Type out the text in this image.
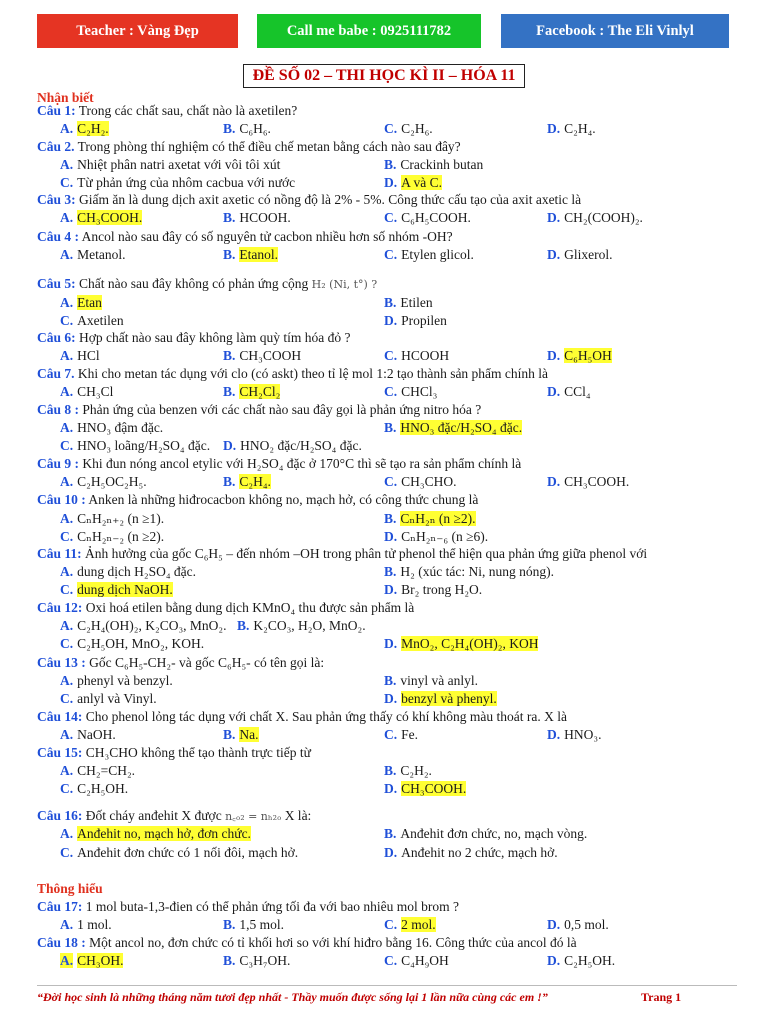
Teacher : Vàng Đẹp	Call me babe : 0925111782	Facebook : The Eli Vinlyl
ĐỀ SỐ 02 – THI HỌC KÌ II – HÓA 11
Nhận biết
Câu 1: Trong các chất sau, chất nào là axetilen?
A. C₂H₂.	B. C₆H₆.	C. C₂H₆.	D. C₂H₄.
Câu 2. Trong phòng thí nghiệm có thể điều chế metan bằng cách nào sau đây?
A. Nhiệt phân natri axetat với vôi tôi xút	B. Crackinh butan
C. Từ phản ứng của nhôm cacbua với nước	D. A và C.
Câu 3: Giấm ăn là dung dịch axit axetic có nồng độ là 2% - 5%. Công thức cấu tạo của axit axetic là
A. CH₃COOH.	B. HCOOH.	C. C₆H₅COOH.	D. CH₂(COOH)₂.
Câu 4 : Ancol nào sau đây có số nguyên tử cacbon nhiều hơn số nhóm -OH?
A. Metanol.	B. Etanol.	C. Etylen glicol.	D. Glixerol.
Câu 5: Chất nào sau đây không có phản ứng cộng H₂ (Ni, t°) ?
A. Etan	B. Etilen
C. Axetilen	D. Propilen
Câu 6: Hợp chất nào sau đây không làm quỳ tím hóa đỏ ?
A. HCl	B. CH₃COOH	C. HCOOH	D. C₆H₅OH
Câu 7. Khi cho metan tác dụng với clo (có askt) theo tỉ lệ mol 1:2 tạo thành sản phẩm chính là
A. CH₃Cl	B. CH₂Cl₂	C. CHCl₃	D. CCl₄
Câu 8 : Phản ứng của benzen với các chất nào sau đây gọi là phản ứng nitro hóa ?
A. HNO₃ đậm đặc.	B. HNO₃ đặc/H₂SO₄ đặc.
C. HNO₃ loãng/H₂SO₄ đặc. D. HNO₂ đặc/H₂SO₄ đặc.
Câu 9 : Khi đun nóng ancol etylic với H₂SO₄ đặc ở 170°C thì sẽ tạo ra sản phẩm chính là
A. C₂H₅OC₂H₅.	B. C₂H₄.	C. CH₃CHO.	D. CH₃COOH.
Câu 10 : Anken là những hiđrocacbon không no, mạch hở, có công thức chung là
A. CₙH₂ₙ₊₂ (n ≥1).	B. CₙH₂ₙ (n ≥2).
C. CₙH₂ₙ₋₂ (n ≥2).	D. CₙH₂ₙ₋₆ (n ≥6).
Câu 11: Ảnh hưởng của gốc C₆H₅ – đến nhóm –OH trong phân tử phenol thể hiện qua phản ứng giữa phenol với
A. dung dịch H₂SO₄ đặc.	B. H₂ (xúc tác: Ni, nung nóng).
C. dung dịch NaOH.	D. Br₂ trong H₂O.
Câu 12: Oxi hoá etilen bằng dung dịch KMnO₄ thu được sản phẩm là
A. C₂H₄(OH)₂, K₂CO₃, MnO₂. B. K₂CO₃, H₂O, MnO₂.
C. C₂H₅OH, MnO₂, KOH.	D. MnO₂, C₂H₄(OH)₂, KOH
Câu 13 : Gốc C₆H₅-CH₂- và gốc C₆H₅- có tên gọi là:
A. phenyl và benzyl.	B. vinyl và anlyl.
C. anlyl và Vinyl.	D. benzyl và phenyl.
Câu 14: Cho phenol lỏng tác dụng với chất X. Sau phản ứng thấy có khí không màu thoát ra. X là
A. NaOH.	B. Na.	C. Fe.	D. HNO₃.
Câu 15: CH₃CHO không thể tạo thành trực tiếp từ
A. CH₂=CH₂.	B. C₂H₂.
C. C₂H₅OH.	D. CH₃COOH.
Câu 16: Đốt cháy anđehit X được n꜀ₒ₂ = nₕ₂ₒ X là:
A. Anđehit no, mạch hở, đơn chức.	B. Anđehit đơn chức, no, mạch vòng.
C. Anđehit đơn chức có 1 nối đôi, mạch hở.	D. Anđehit no 2 chức, mạch hở.
Thông hiểu
Câu 17: 1 mol buta-1,3-đien có thể phản ứng tối đa với bao nhiêu mol brom ?
A. 1 mol.	B. 1,5 mol.	C. 2 mol.	D. 0,5 mol.
Câu 18 : Một ancol no, đơn chức có tỉ khối hơi so với khí hiđro bằng 16. Công thức của ancol đó là
A. CH₃OH.	B. C₃H₇OH.	C. C₄H₉OH	D. C₂H₅OH.
“Đời học sinh là những tháng năm tươi đẹp nhất - Thầy muốn được sống lại 1 lần nữa cùng các em !”	Trang 1
